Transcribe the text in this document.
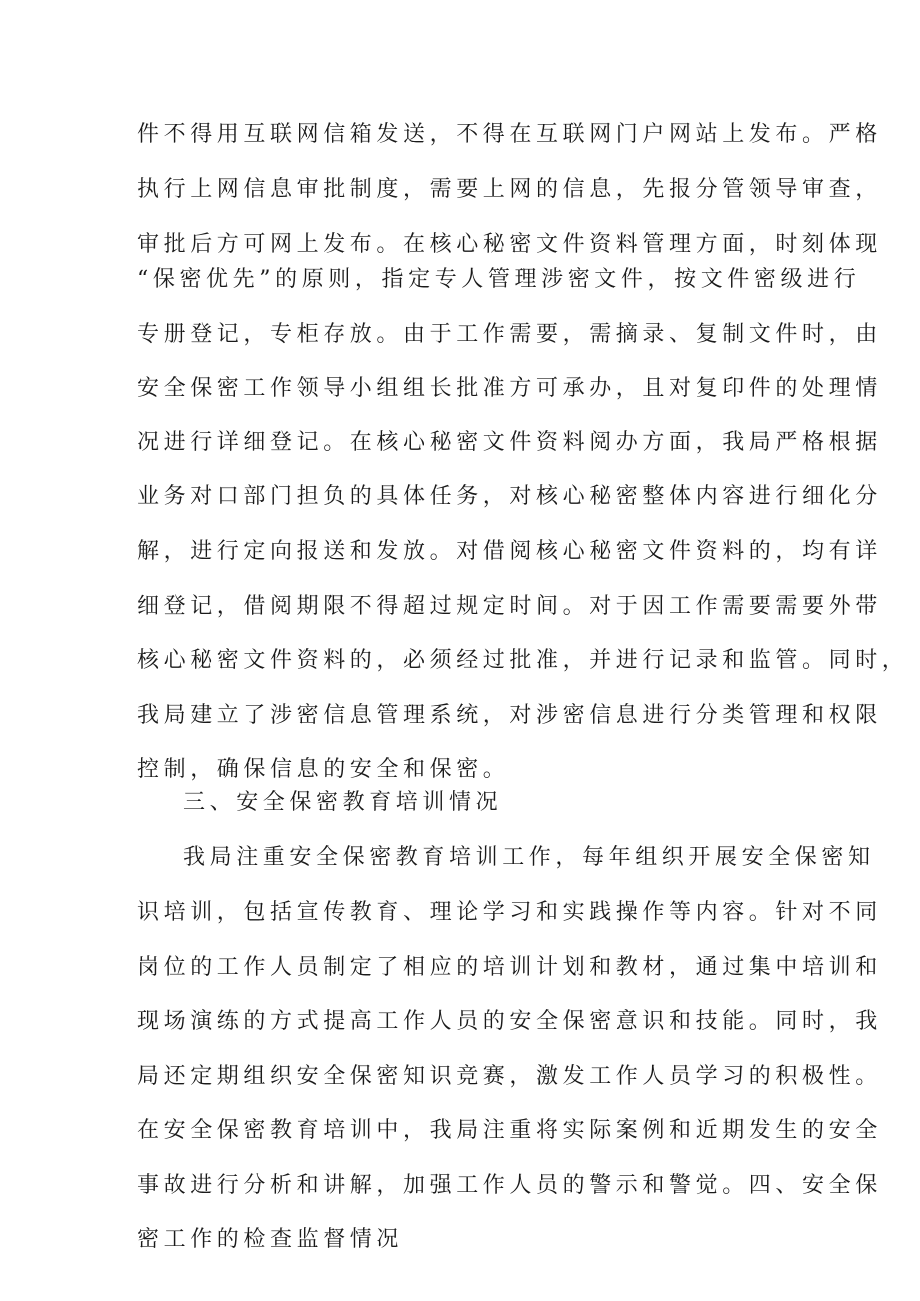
件不得用互联网信箱发送，不得在互联网门户网站上发布。严格
执行上网信息审批制度，需要上网的信息，先报分管领导审查，
审批后方可网上发布。在核心秘密文件资料管理方面，时刻体现
“保密优先”的原则，指定专人管理涉密文件，按文件密级进行
专册登记，专柜存放。由于工作需要，需摘录、复制文件时，由
安全保密工作领导小组组长批准方可承办，且对复印件的处理情
况进行详细登记。在核心秘密文件资料阅办方面，我局严格根据
业务对口部门担负的具体任务，对核心秘密整体内容进行细化分
解，进行定向报送和发放。对借阅核心秘密文件资料的，均有详
细登记，借阅期限不得超过规定时间。对于因工作需要需要外带
核心秘密文件资料的，必须经过批准，并进行记录和监管。同时，
我局建立了涉密信息管理系统，对涉密信息进行分类管理和权限
控制，确保信息的安全和保密。
三、安全保密教育培训情况
我局注重安全保密教育培训工作，每年组织开展安全保密知
识培训，包括宣传教育、理论学习和实践操作等内容。针对不同
岗位的工作人员制定了相应的培训计划和教材，通过集中培训和
现场演练的方式提高工作人员的安全保密意识和技能。同时，我
局还定期组织安全保密知识竞赛，激发工作人员学习的积极性。
在安全保密教育培训中，我局注重将实际案例和近期发生的安全
事故进行分析和讲解，加强工作人员的警示和警觉。四、安全保
密工作的检查监督情况
